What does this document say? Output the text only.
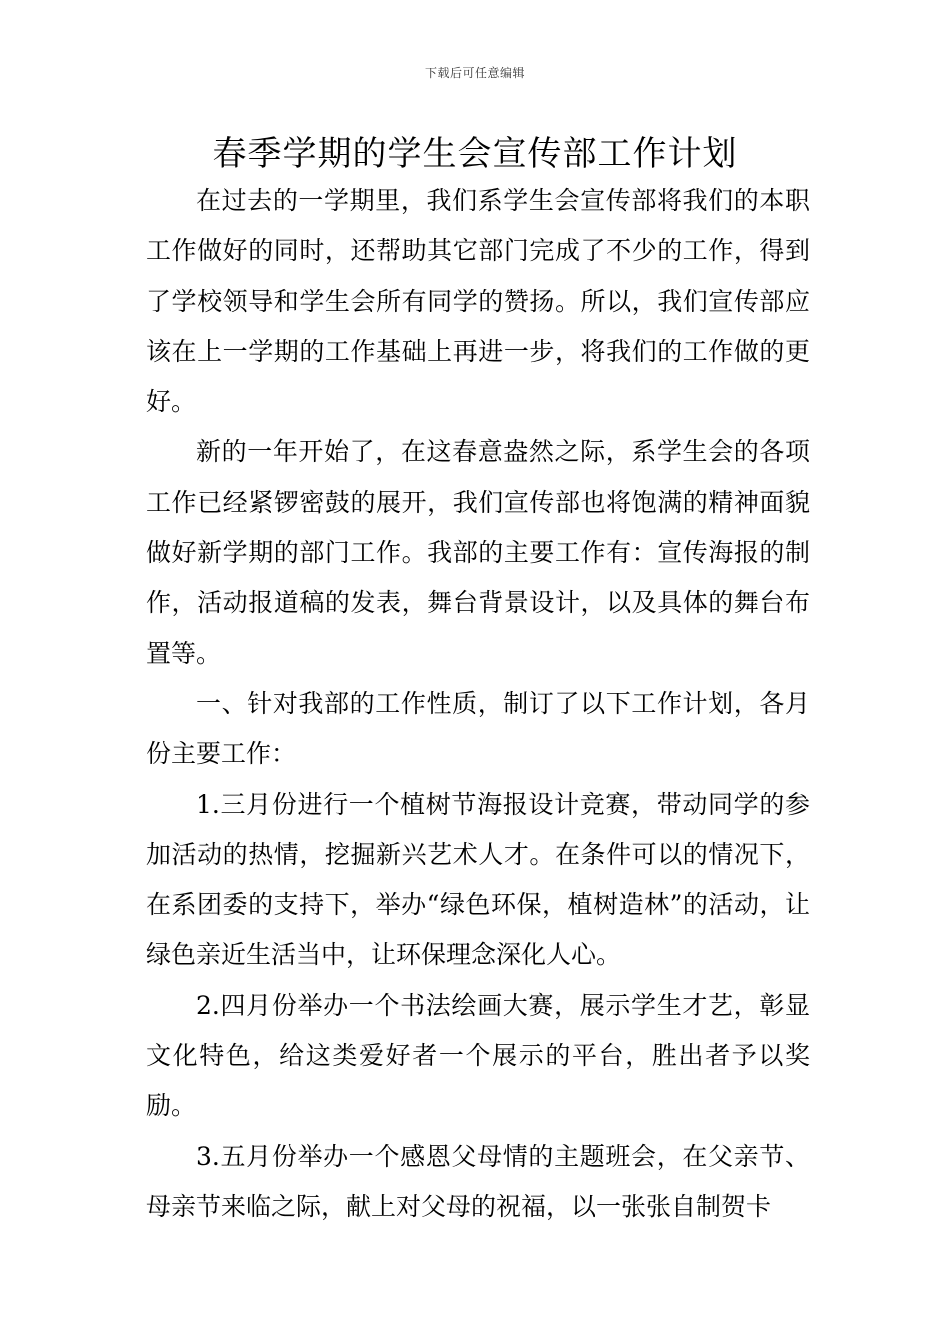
下载后可任意编辑
春季学期的学生会宣传部工作计划

在过去的一学期里，我们系学生会宣传部将我们的本职工作做好的同时，还帮助其它部门完成了不少的工作，得到了学校领导和学生会所有同学的赞扬。所以，我们宣传部应该在上一学期的工作基础上再进一步，将我们的工作做的更好。

新的一年开始了，在这春意盎然之际，系学生会的各项工作已经紧锣密鼓的展开，我们宣传部也将饱满的精神面貌做好新学期的部门工作。我部的主要工作有：宣传海报的制作，活动报道稿的发表，舞台背景设计，以及具体的舞台布置等。

一、针对我部的工作性质，制订了以下工作计划，各月份主要工作：

1.三月份进行一个植树节海报设计竞赛，带动同学的参加活动的热情，挖掘新兴艺术人才。在条件可以的情况下，在系团委的支持下，举办“绿色环保，植树造林”的活动，让绿色亲近生活当中，让环保理念深化人心。

2.四月份举办一个书法绘画大赛，展示学生才艺，彰显文化特色，给这类爱好者一个展示的平台，胜出者予以奖励。

3.五月份举办一个感恩父母情的主题班会，在父亲节、母亲节来临之际，献上对父母的祝福，以一张张自制贺卡
